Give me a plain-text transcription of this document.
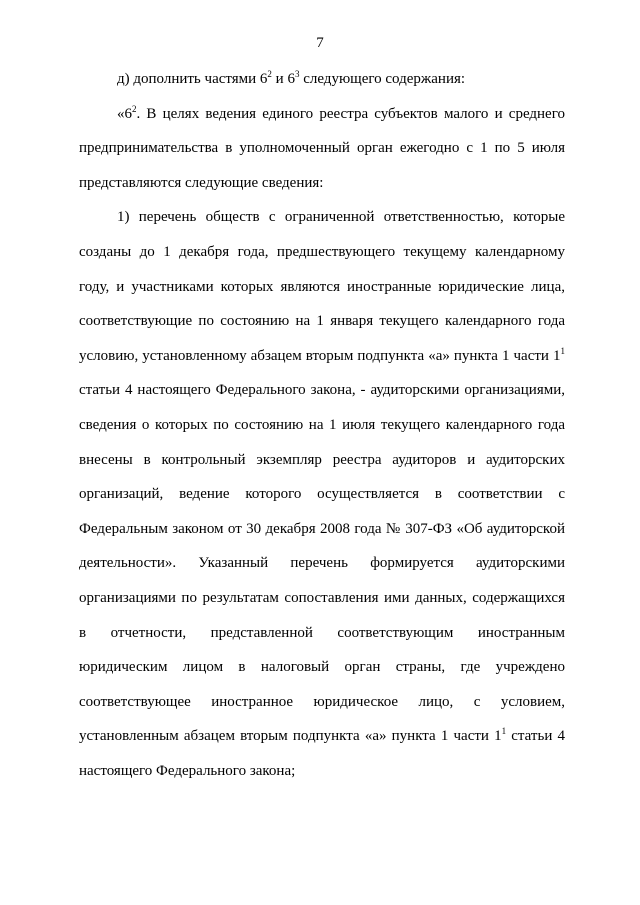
7

д) дополнить частями $6^2$ и $6^3$ следующего содержания:

«$6^2$. В целях ведения единого реестра субъектов малого и среднего предпринимательства в уполномоченный орган ежегодно с 1 по 5 июля представляются следующие сведения:

1) перечень обществ с ограниченной ответственностью, которые созданы до 1 декабря года, предшествующего текущему календарному году, и участниками которых являются иностранные юридические лица, соответствующие по состоянию на 1 января текущего календарного года условию, установленному абзацем вторым подпункта «а» пункта 1 части $1^1$ статьи 4 настоящего Федерального закона, - аудиторскими организациями, сведения о которых по состоянию на 1 июля текущего календарного года внесены в контрольный экземпляр реестра аудиторов и аудиторских организаций, ведение которого осуществляется в соответствии с Федеральным законом от 30 декабря 2008 года № 307-ФЗ «Об аудиторской деятельности». Указанный перечень формируется аудиторскими организациями по результатам сопоставления ими данных, содержащихся в отчетности, представленной соответствующим иностранным юридическим лицом в налоговый орган страны, где учреждено соответствующее иностранное юридическое лицо, с условием, установленным абзацем вторым подпункта «а» пункта 1 части $1^1$ статьи 4 настоящего Федерального закона;
